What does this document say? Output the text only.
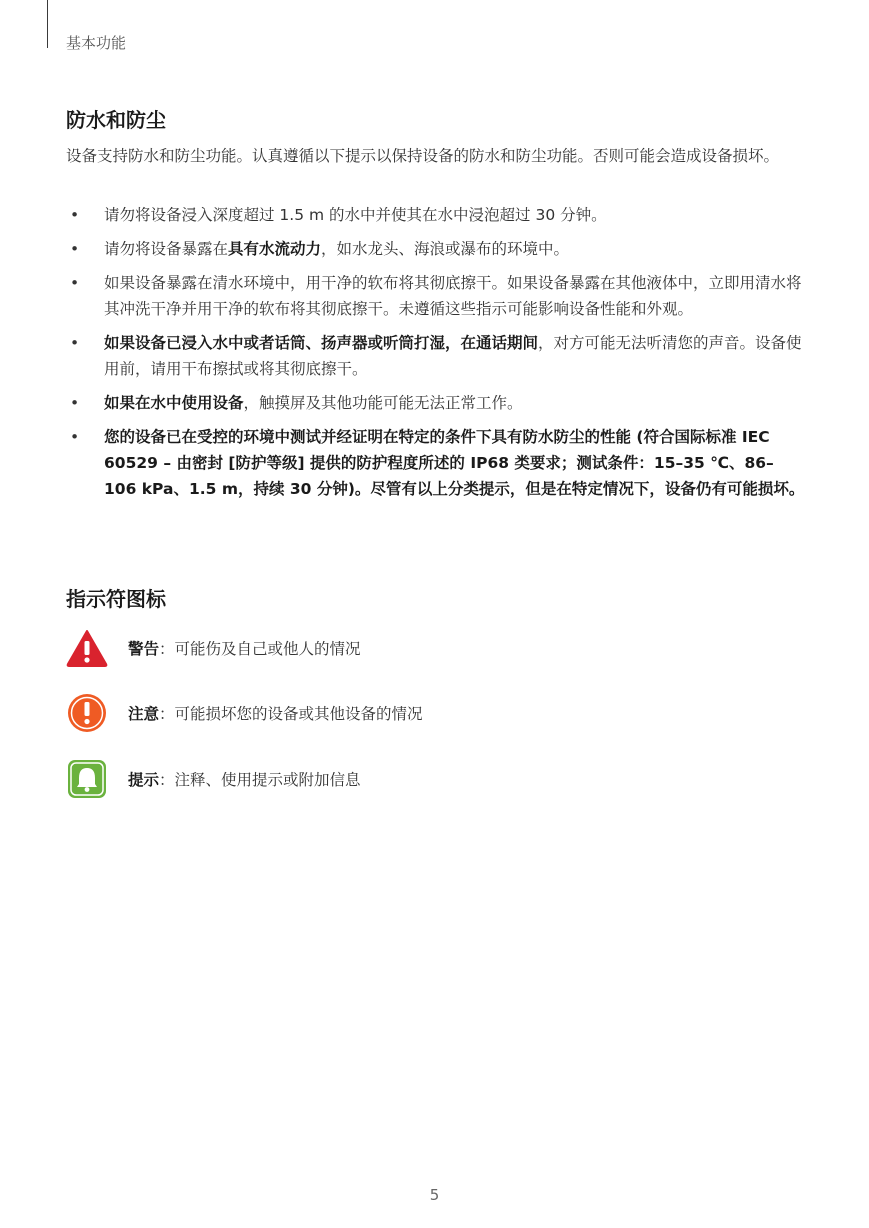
基本功能
防水和防尘
设备支持防水和防尘功能。认真遵循以下提示以保持设备的防水和防尘功能。否则可能会造成设备损坏。
• 请勿将设备浸入深度超过 1.5 m 的水中并使其在水中浸泡超过 30 分钟。
• 请勿将设备暴露在具有水流动力，如水龙头、海浪或瀑布的环境中。
• 如果设备暴露在清水环境中，用干净的软布将其彻底擦干。如果设备暴露在其他液体中，立即用清水将其冲洗干净并用干净的软布将其彻底擦干。未遵循这些指示可能影响设备性能和外观。
• 如果设备已浸入水中或者话筒、扬声器或听筒打湿，在通话期间，对方可能无法听清您的声音。设备使用前，请用干布擦拭或将其彻底擦干。
• 如果在水中使用设备，触摸屏及其他功能可能无法正常工作。
• 您的设备已在受控的环境中测试并经证明在特定的条件下具有防水防尘的性能 (符合国际标准 IEC 60529 – 由密封 [防护等级] 提供的防护程度所述的 IP68 类要求；测试条件：15–35 ℃、86–106 kPa、1.5 m，持续 30 分钟)。尽管有以上分类提示，但是在特定情况下，设备仍有可能损坏。
指示符图标
警告：可能伤及自己或他人的情况
注意：可能损坏您的设备或其他设备的情况
提示：注释、使用提示或附加信息
5
